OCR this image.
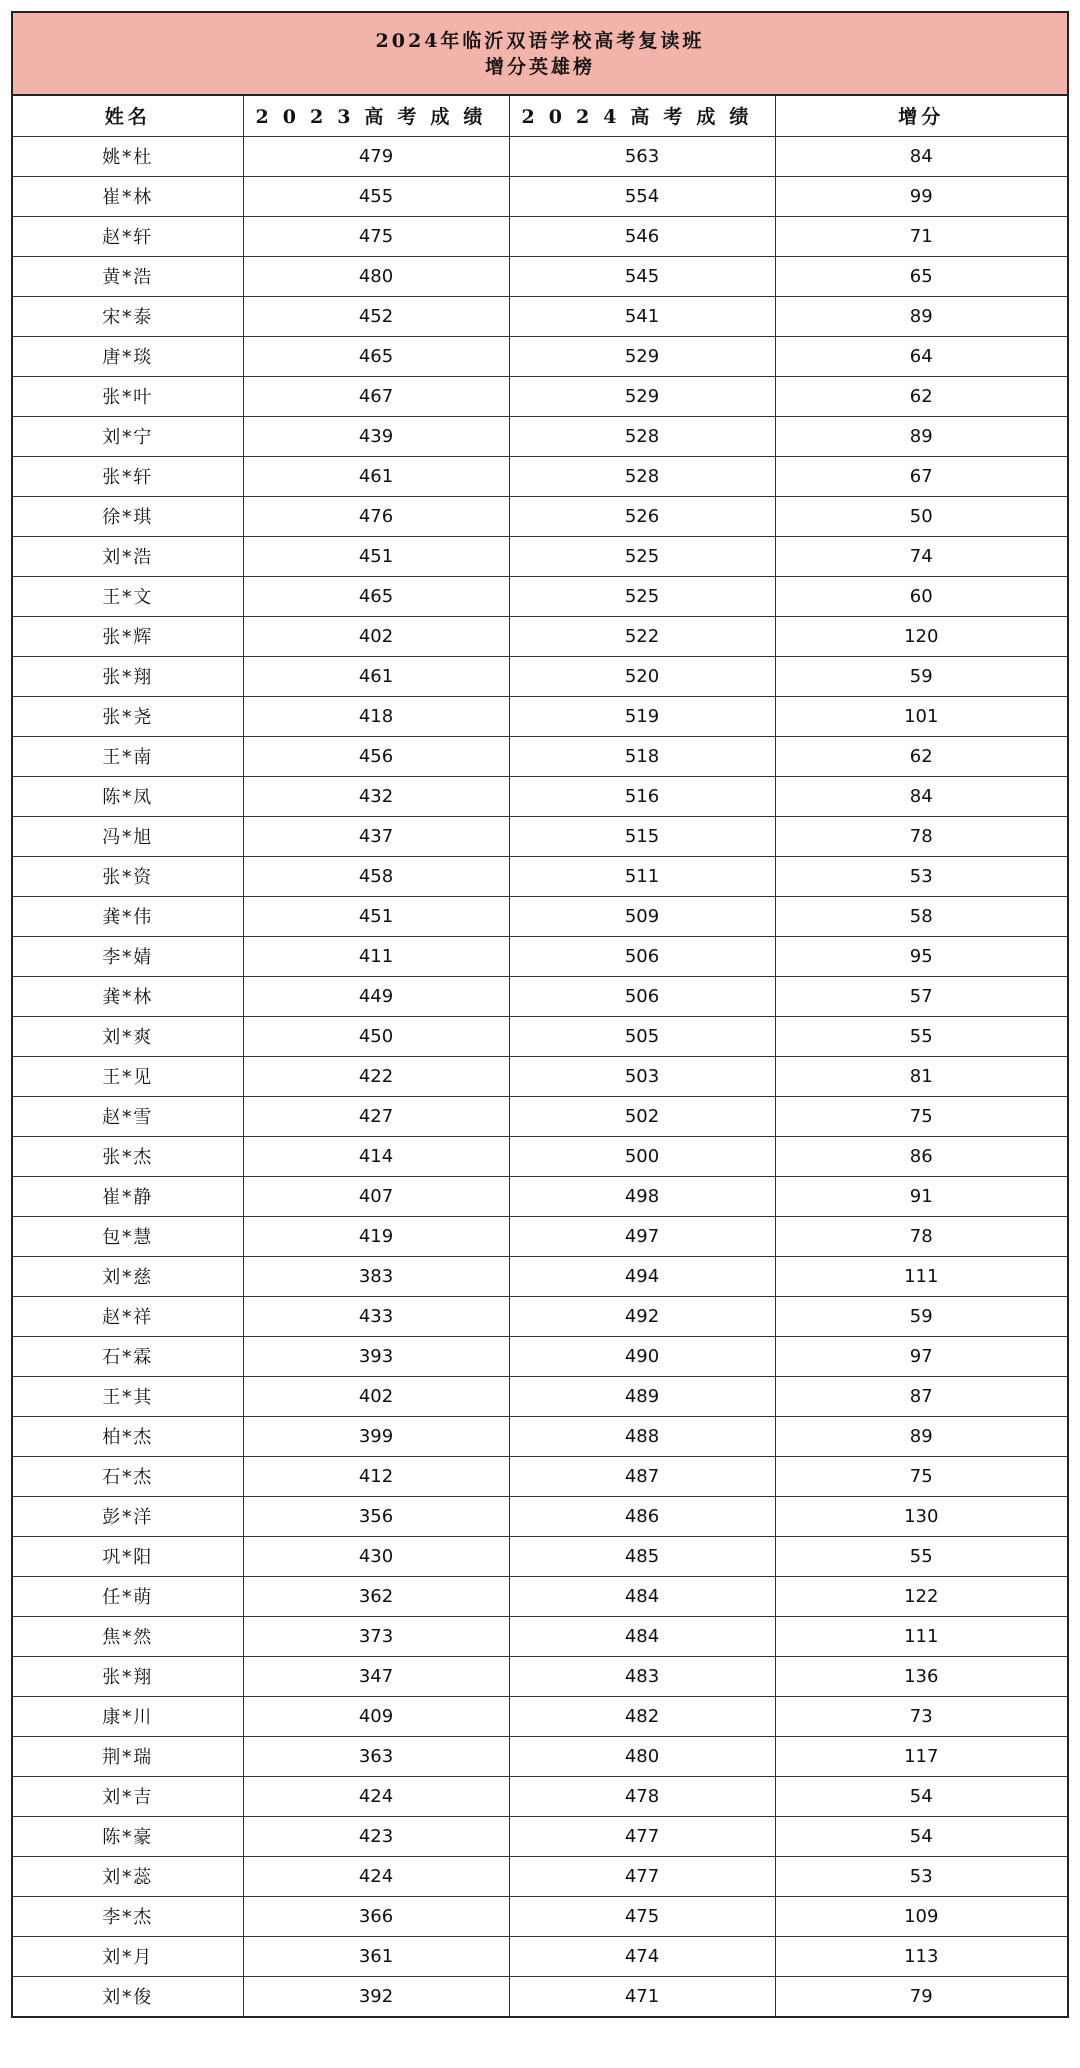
2024年临沂双语学校高考复读班
增分英雄榜
姓名	2023高考成绩	2024高考成绩	增分
姚*杜	479	563	84
崔*林	455	554	99
赵*轩	475	546	71
黄*浩	480	545	65
宋*泰	452	541	89
唐*琰	465	529	64
张*叶	467	529	62
刘*宁	439	528	89
张*轩	461	528	67
徐*琪	476	526	50
刘*浩	451	525	74
王*文	465	525	60
张*辉	402	522	120
张*翔	461	520	59
张*尧	418	519	101
王*南	456	518	62
陈*凤	432	516	84
冯*旭	437	515	78
张*资	458	511	53
龚*伟	451	509	58
李*婧	411	506	95
龚*林	449	506	57
刘*爽	450	505	55
王*见	422	503	81
赵*雪	427	502	75
张*杰	414	500	86
崔*静	407	498	91
包*慧	419	497	78
刘*慈	383	494	111
赵*祥	433	492	59
石*霖	393	490	97
王*其	402	489	87
柏*杰	399	488	89
石*杰	412	487	75
彭*洋	356	486	130
巩*阳	430	485	55
任*萌	362	484	122
焦*然	373	484	111
张*翔	347	483	136
康*川	409	482	73
荆*瑞	363	480	117
刘*吉	424	478	54
陈*豪	423	477	54
刘*蕊	424	477	53
李*杰	366	475	109
刘*月	361	474	113
刘*俊	392	471	79
